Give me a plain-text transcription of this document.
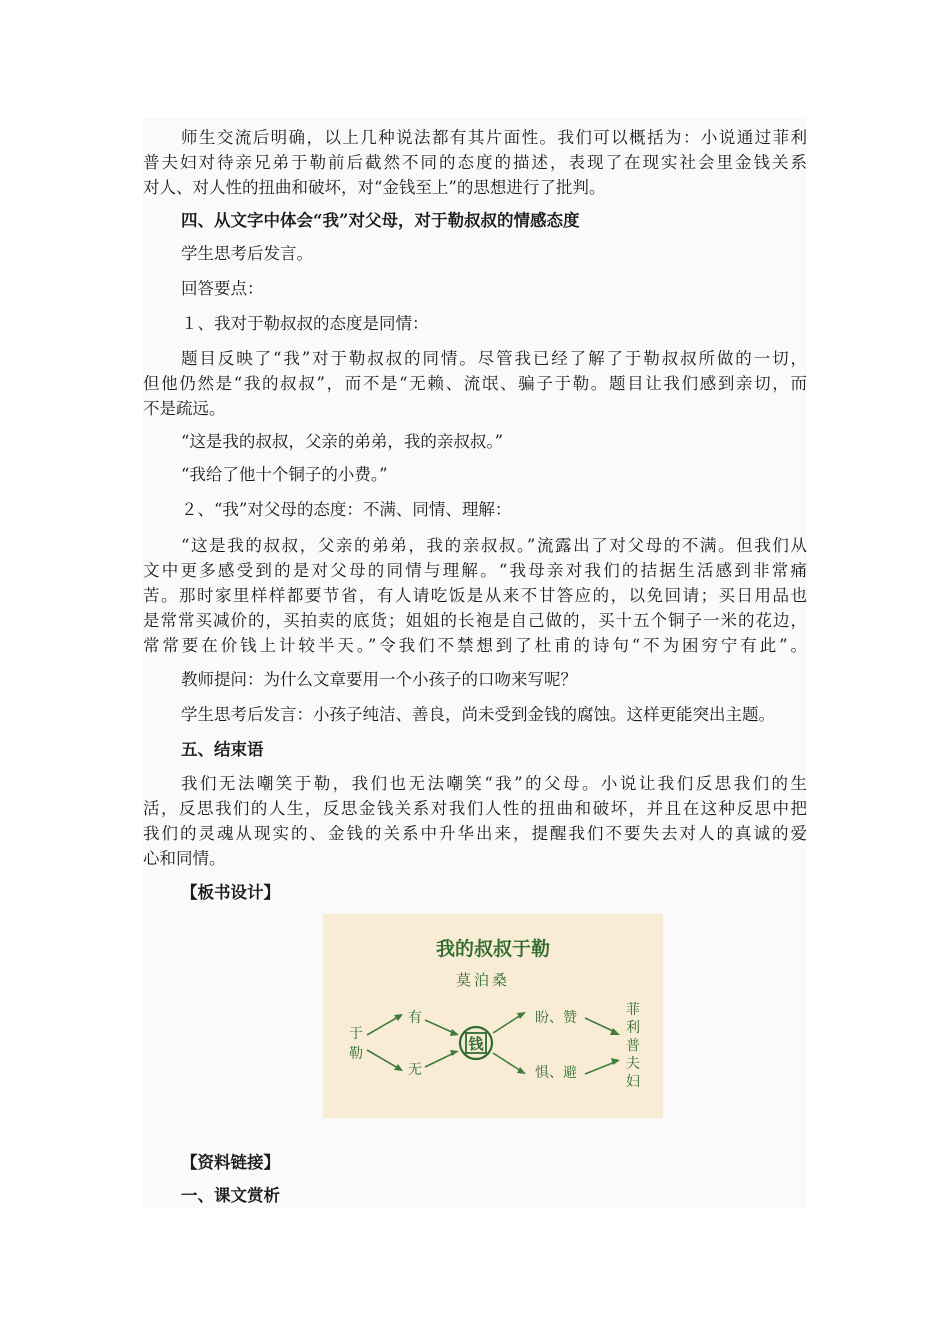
师生交流后明确，以上几种说法都有其片面性。我们可以概括为：小说通过菲利
普夫妇对待亲兄弟于勒前后截然不同的态度的描述，表现了在现实社会里金钱关系
对人、对人性的扭曲和破坏，对“金钱至上”的思想进行了批判。
四、从文字中体会“我”对父母，对于勒叔叔的情感态度
学生思考后发言。
回答要点：
１、我对于勒叔叔的态度是同情：
题目反映了“我”对于勒叔叔的同情。尽管我已经了解了于勒叔叔所做的一切，
但他仍然是“我的叔叔”，而不是“无赖、流氓、骗子于勒。题目让我们感到亲切，而
不是疏远。
“这是我的叔叔，父亲的弟弟，我的亲叔叔。”
“我给了他十个铜子的小费。”
２、“我”对父母的态度：不满、同情、理解：
“这是我的叔叔，父亲的弟弟，我的亲叔叔。”流露出了对父母的不满。但我们从
文中更多感受到的是对父母的同情与理解。“我母亲对我们的拮据生活感到非常痛
苦。那时家里样样都要节省，有人请吃饭是从来不甘答应的，以免回请；买日用品也
是常常买减价的，买拍卖的底货；姐姐的长袍是自己做的，买十五个铜子一米的花边，
常常要在价钱上计较半天。”令我们不禁想到了杜甫的诗句“不为困穷宁有此”。
教师提问：为什么文章要用一个小孩子的口吻来写呢？
学生思考后发言：小孩子纯洁、善良，尚未受到金钱的腐蚀。这样更能突出主题。
五、结束语
我们无法嘲笑于勒，我们也无法嘲笑“我”的父母。小说让我们反思我们的生
活，反思我们的人生，反思金钱关系对我们人性的扭曲和破坏，并且在这种反思中把
我们的灵魂从现实的、金钱的关系中升华出来，提醒我们不要失去对人的真诚的爱
心和同情。
【板书设计】
我的叔叔于勒
莫泊桑
于
勒
有
无
钱
盼、赞
惧、避
菲
利
普
夫
妇
【资料链接】
一、课文赏析
